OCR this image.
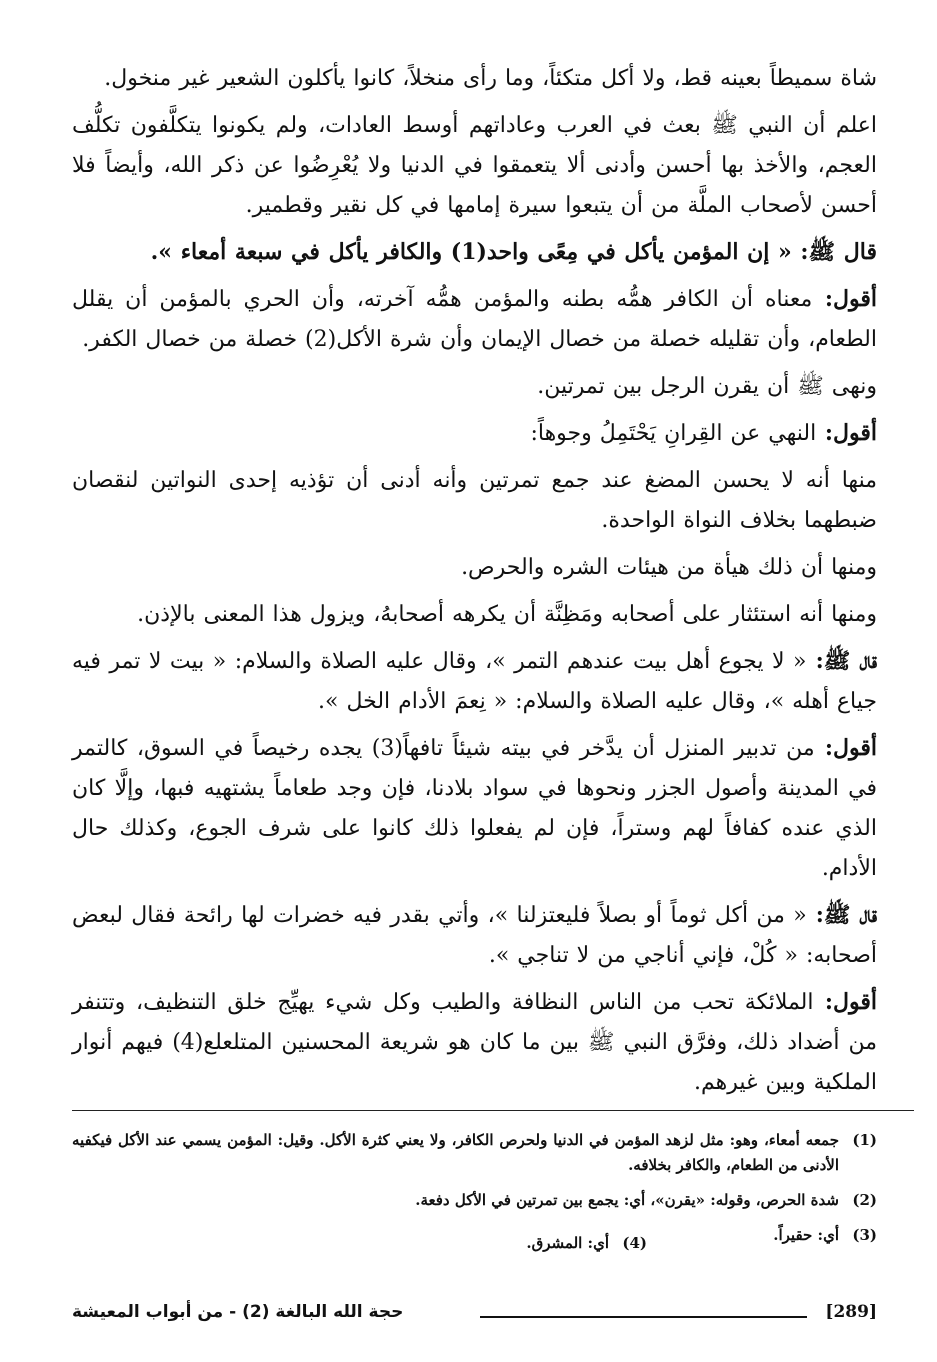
شاة سميطاً بعينه قط، ولا أكل متكئاً، وما رأى منخلاً، كانوا يأكلون الشعير غير منخول.

اعلم أن النبي ﷺ بعث في العرب وعاداتهم أوسط العادات، ولم يكونوا يتكلَّفون تكلُّف العجم، والأخذ بها أحسن وأدنى ألا يتعمقوا في الدنيا ولا يُعْرِضُوا عن ذكر الله، وأيضاً فلا أحسن لأصحاب الملَّة من أن يتبعوا سيرة إمامها في كل نقير وقطمير.

قال ﷺ: « إن المؤمن يأكل في مِعًى واحد(1) والكافر يأكل في سبعة أمعاء ».

أقول: معناه أن الكافر همُّه بطنه والمؤمن همُّه آخرته، وأن الحري بالمؤمن أن يقلل الطعام، وأن تقليله خصلة من خصال الإيمان وأن شرة الأكل(2) خصلة من خصال الكفر.

ونهى ﷺ أن يقرن الرجل بين تمرتين.

أقول: النهي عن القِرانِ يَحْتَمِلُ وجوهاً:

منها أنه لا يحسن المضغ عند جمع تمرتين وأنه أدنى أن تؤذيه إحدى النواتين لنقصان ضبطهما بخلاف النواة الواحدة.

ومنها أن ذلك هيأة من هيئات الشره والحرص.

ومنها أنه استئثار على أصحابه ومَظِنَّة أن يكرهه أصحابهُ، ويزول هذا المعنى بالإذن.

قال ﷺ: « لا يجوع أهل بيت عندهم التمر »، وقال عليه الصلاة والسلام: « بيت لا تمر فيه جياع أهله »، وقال عليه الصلاة والسلام: « نِعمَ الأدام الخل ».

أقول: من تدبير المنزل أن يدَّخر في بيته شيئاً تافهاً(3) يجده رخيصاً في السوق، كالتمر في المدينة وأصول الجزر ونحوها في سواد بلادنا، فإن وجد طعاماً يشتهيه فبها، وإلَّا كان الذي عنده كفافاً لهم وستراً، فإن لم يفعلوا ذلك كانوا على شرف الجوع، وكذلك حال الأدام.

قال ﷺ: « من أكل ثوماً أو بصلاً فليعتزلنا »، وأتي بقدر فيه خضرات لها رائحة فقال لبعض أصحابه: « كُلْ، فإني أناجي من لا تناجي ».

أقول: الملائكة تحب من الناس النظافة والطيب وكل شيء يهيِّج خلق التنظيف، وتتنفر من أضداد ذلك، وفرَّق النبي ﷺ بين ما كان هو شريعة المحسنين المتلعلع(4) فيهم أنوار الملكية وبين غيرهم.

(1)
جمعه أمعاء، وهو: مثل لزهد المؤمن في الدنيا ولحرص الكافر، ولا يعني كثرة الأكل. وقيل: المؤمن يسمي عند الأكل فيكفيه الأدنى من الطعام، والكافر بخلافه.
(2)
شدة الحرص، وقوله: «يقرن»، أي: يجمع بين تمرتين في الأكل دفعة.
(3)
أي: حقيراً.
(4)
أي: المشرق.
[289]
حجة الله البالغة (2) - من أبواب المعيشة
